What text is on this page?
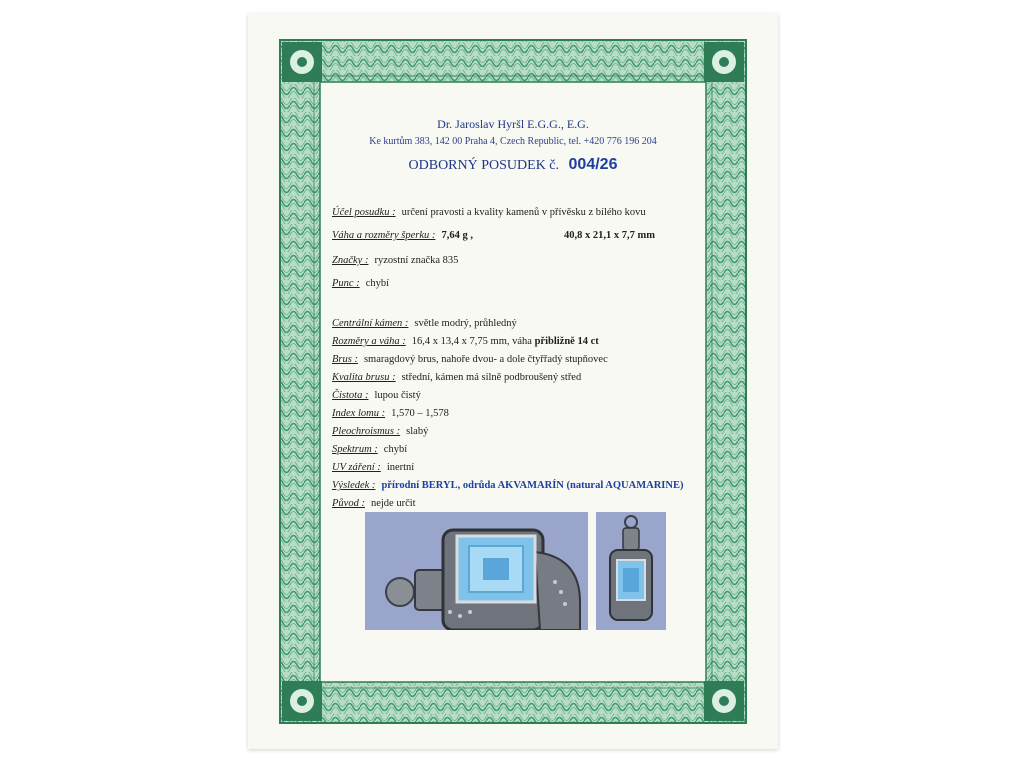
Dr. Jaroslav Hyršl E.G.G., E.G.
Ke kurtům 383, 142 00 Praha 4, Czech Republic, tel. +420 776 196 204
ODBORNÝ POSUDEK č. 004/26
Účel posudku : určení pravosti a kvality kamenů v přívěsku z bílého kovu
Váha a rozměry šperku : 7,64 g ,	40,8 x 21,1 x 7,7 mm
Značky : ryzostní značka 835
Punc : chybí
Centrální kámen : světle modrý, průhledný
Rozměry a váha : 16,4 x 13,4 x 7,75 mm, váha přibližně 14 ct
Brus : smaragdový brus, nahoře dvou- a dole čtyřřadý stupňovec
Kvalita brusu : střední, kámen má silně podbroušený střed
Čistota : lupou čistý
Index lomu : 1,570 – 1,578
Pleochroismus : slabý
Spektrum : chybí
UV záření : inertní
Výsledek : přírodní BERYL, odrůda AKVAMARÍN (natural AQUAMARINE)
Původ : nejde určit
